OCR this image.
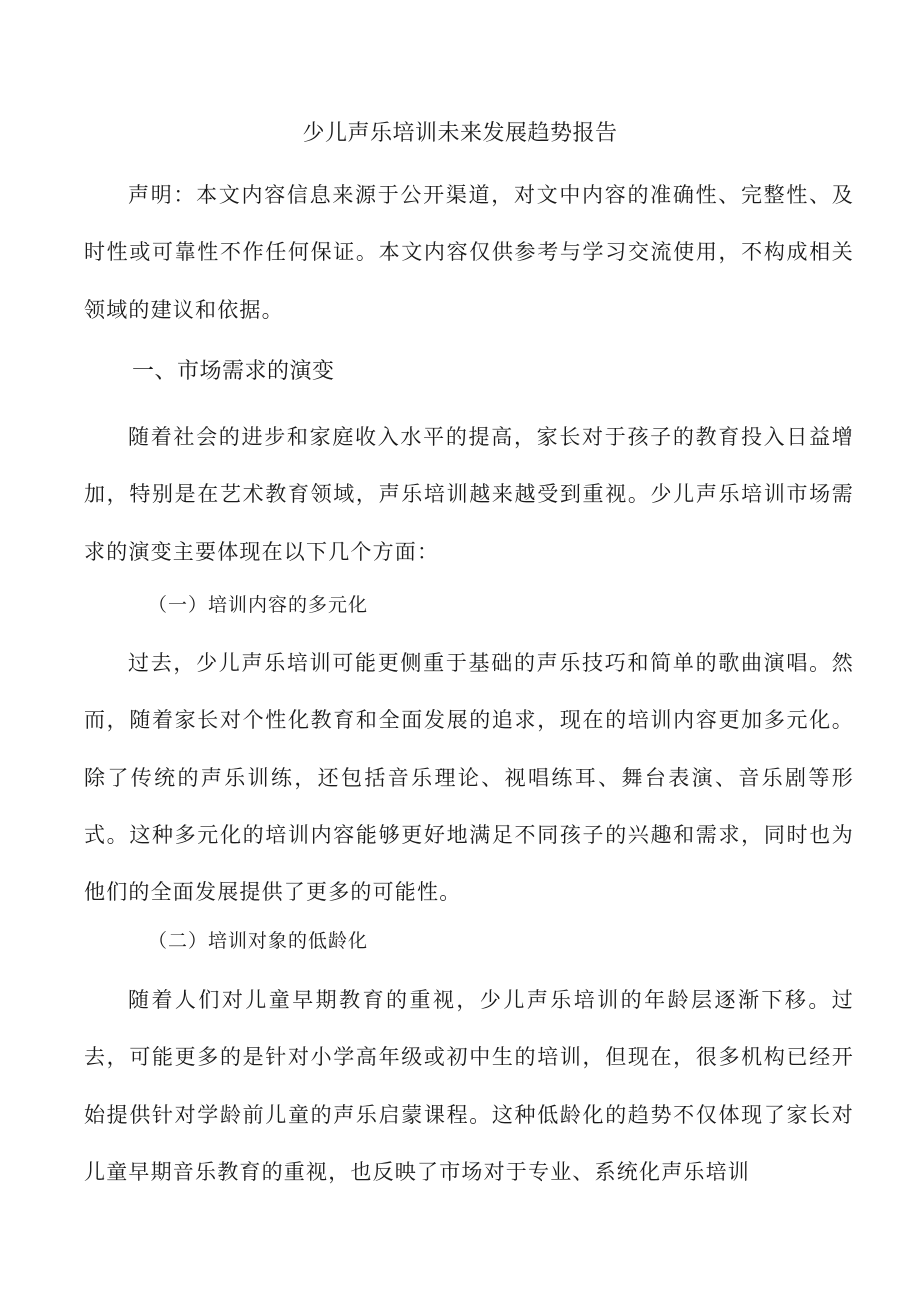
少儿声乐培训未来发展趋势报告

声明：本文内容信息来源于公开渠道，对文中内容的准确性、完整性、及时性或可靠性不作任何保证。本文内容仅供参考与学习交流使用，不构成相关领域的建议和依据。

一、市场需求的演变

随着社会的进步和家庭收入水平的提高，家长对于孩子的教育投入日益增加，特别是在艺术教育领域，声乐培训越来越受到重视。少儿声乐培训市场需求的演变主要体现在以下几个方面：

（一）培训内容的多元化

过去，少儿声乐培训可能更侧重于基础的声乐技巧和简单的歌曲演唱。然而，随着家长对个性化教育和全面发展的追求，现在的培训内容更加多元化。除了传统的声乐训练，还包括音乐理论、视唱练耳、舞台表演、音乐剧等形式。这种多元化的培训内容能够更好地满足不同孩子的兴趣和需求，同时也为他们的全面发展提供了更多的可能性。

（二）培训对象的低龄化

随着人们对儿童早期教育的重视，少儿声乐培训的年龄层逐渐下移。过去，可能更多的是针对小学高年级或初中生的培训，但现在，很多机构已经开始提供针对学龄前儿童的声乐启蒙课程。这种低龄化的趋势不仅体现了家长对儿童早期音乐教育的重视，也反映了市场对于专业、系统化声乐培训
